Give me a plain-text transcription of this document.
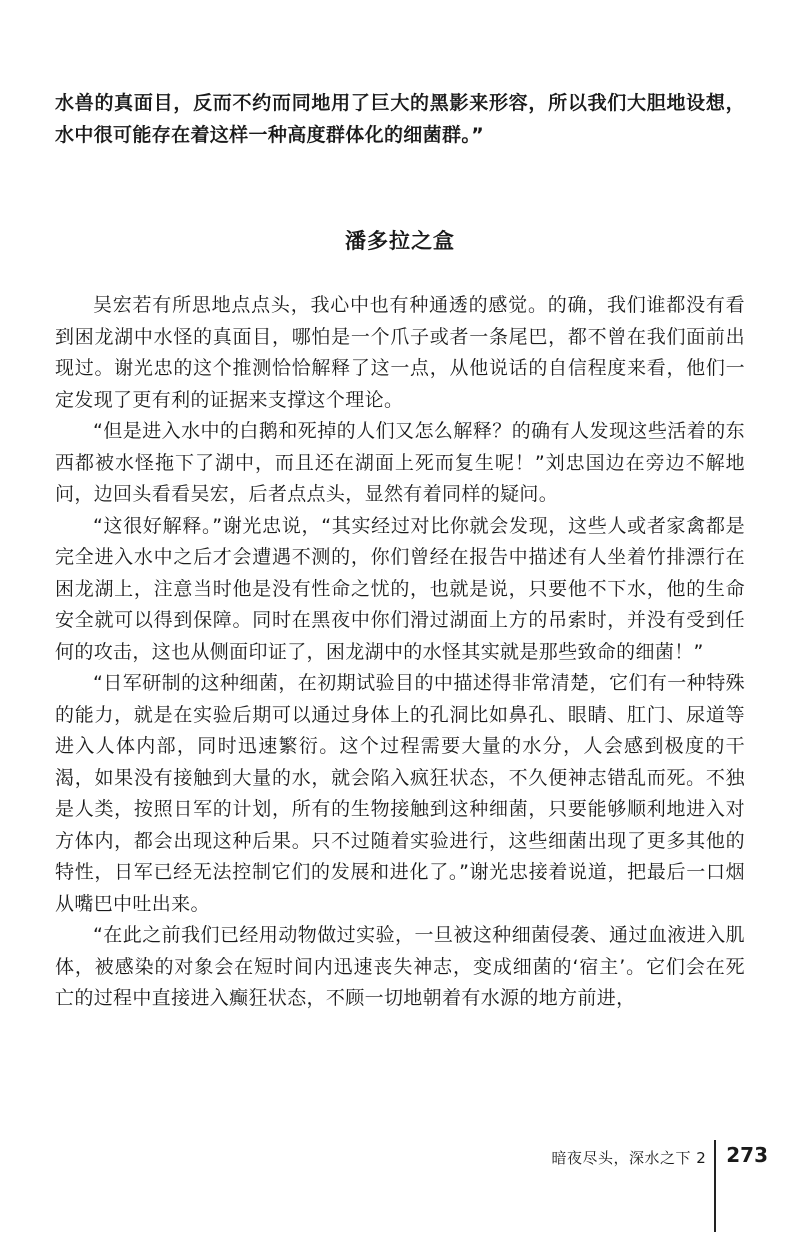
水兽的真面目，反而不约而同地用了巨大的黑影来形容，所以我们大胆地设想，水中很可能存在着这样一种高度群体化的细菌群。”

潘多拉之盒

吴宏若有所思地点点头，我心中也有种通透的感觉。的确，我们谁都没有看到困龙湖中水怪的真面目，哪怕是一个爪子或者一条尾巴，都不曾在我们面前出现过。谢光忠的这个推测恰恰解释了这一点，从他说话的自信程度来看，他们一定发现了更有利的证据来支撑这个理论。

“但是进入水中的白鹅和死掉的人们又怎么解释？的确有人发现这些活着的东西都被水怪拖下了湖中，而且还在湖面上死而复生呢！”刘忠国边在旁边不解地问，边回头看看吴宏，后者点点头，显然有着同样的疑问。

“这很好解释。”谢光忠说，“其实经过对比你就会发现，这些人或者家禽都是完全进入水中之后才会遭遇不测的，你们曾经在报告中描述有人坐着竹排漂行在困龙湖上，注意当时他是没有性命之忧的，也就是说，只要他不下水，他的生命安全就可以得到保障。同时在黑夜中你们滑过湖面上方的吊索时，并没有受到任何的攻击，这也从侧面印证了，困龙湖中的水怪其实就是那些致命的细菌！”

“日军研制的这种细菌，在初期试验目的中描述得非常清楚，它们有一种特殊的能力，就是在实验后期可以通过身体上的孔洞比如鼻孔、眼睛、肛门、尿道等进入人体内部，同时迅速繁衍。这个过程需要大量的水分，人会感到极度的干渴，如果没有接触到大量的水，就会陷入疯狂状态，不久便神志错乱而死。不独是人类，按照日军的计划，所有的生物接触到这种细菌，只要能够顺利地进入对方体内，都会出现这种后果。只不过随着实验进行，这些细菌出现了更多其他的特性，日军已经无法控制它们的发展和进化了。”谢光忠接着说道，把最后一口烟从嘴巴中吐出来。

“在此之前我们已经用动物做过实验，一旦被这种细菌侵袭、通过血液进入肌体，被感染的对象会在短时间内迅速丧失神志，变成细菌的‘宿主’。它们会在死亡的过程中直接进入癫狂状态，不顾一切地朝着有水源的地方前进，

暗夜尽头，深水之下 2 273
